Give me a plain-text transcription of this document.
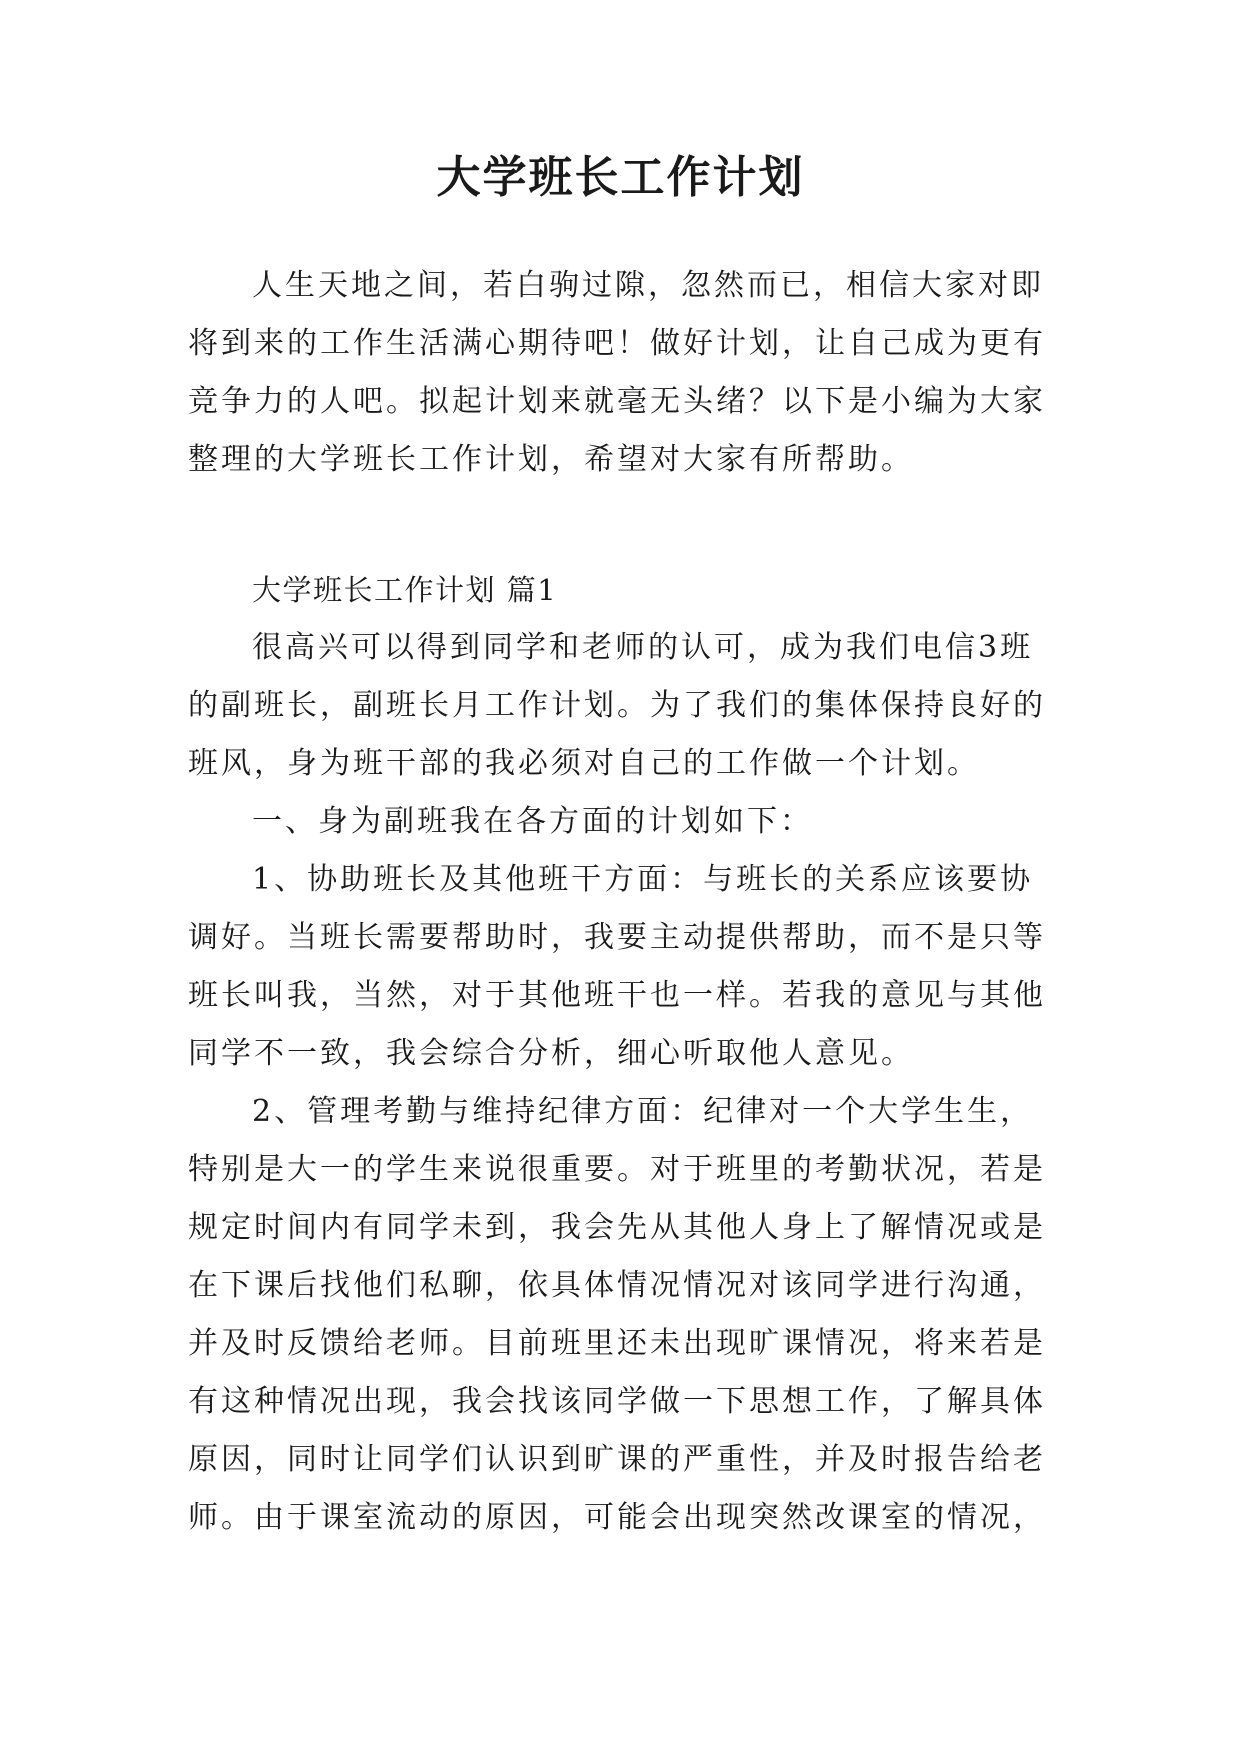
大学班长工作计划

人生天地之间，若白驹过隙，忽然而已，相信大家对即

将到来的工作生活满心期待吧！做好计划，让自己成为更有

竞争力的人吧。拟起计划来就毫无头绪？以下是小编为大家

整理的大学班长工作计划，希望对大家有所帮助。

大学班长工作计划 篇1

很高兴可以得到同学和老师的认可，成为我们电信3班

的副班长，副班长月工作计划。为了我们的集体保持良好的

班风，身为班干部的我必须对自己的工作做一个计划。

一、身为副班我在各方面的计划如下：

1、协助班长及其他班干方面：与班长的关系应该要协

调好。当班长需要帮助时，我要主动提供帮助，而不是只等

班长叫我，当然，对于其他班干也一样。若我的意见与其他

同学不一致，我会综合分析，细心听取他人意见。

2、管理考勤与维持纪律方面：纪律对一个大学生生，

特别是大一的学生来说很重要。对于班里的考勤状况，若是

规定时间内有同学未到，我会先从其他人身上了解情况或是

在下课后找他们私聊，依具体情况情况对该同学进行沟通，

并及时反馈给老师。目前班里还未出现旷课情况，将来若是

有这种情况出现，我会找该同学做一下思想工作，了解具体

原因，同时让同学们认识到旷课的严重性，并及时报告给老

师。由于课室流动的原因，可能会出现突然改课室的情况，
